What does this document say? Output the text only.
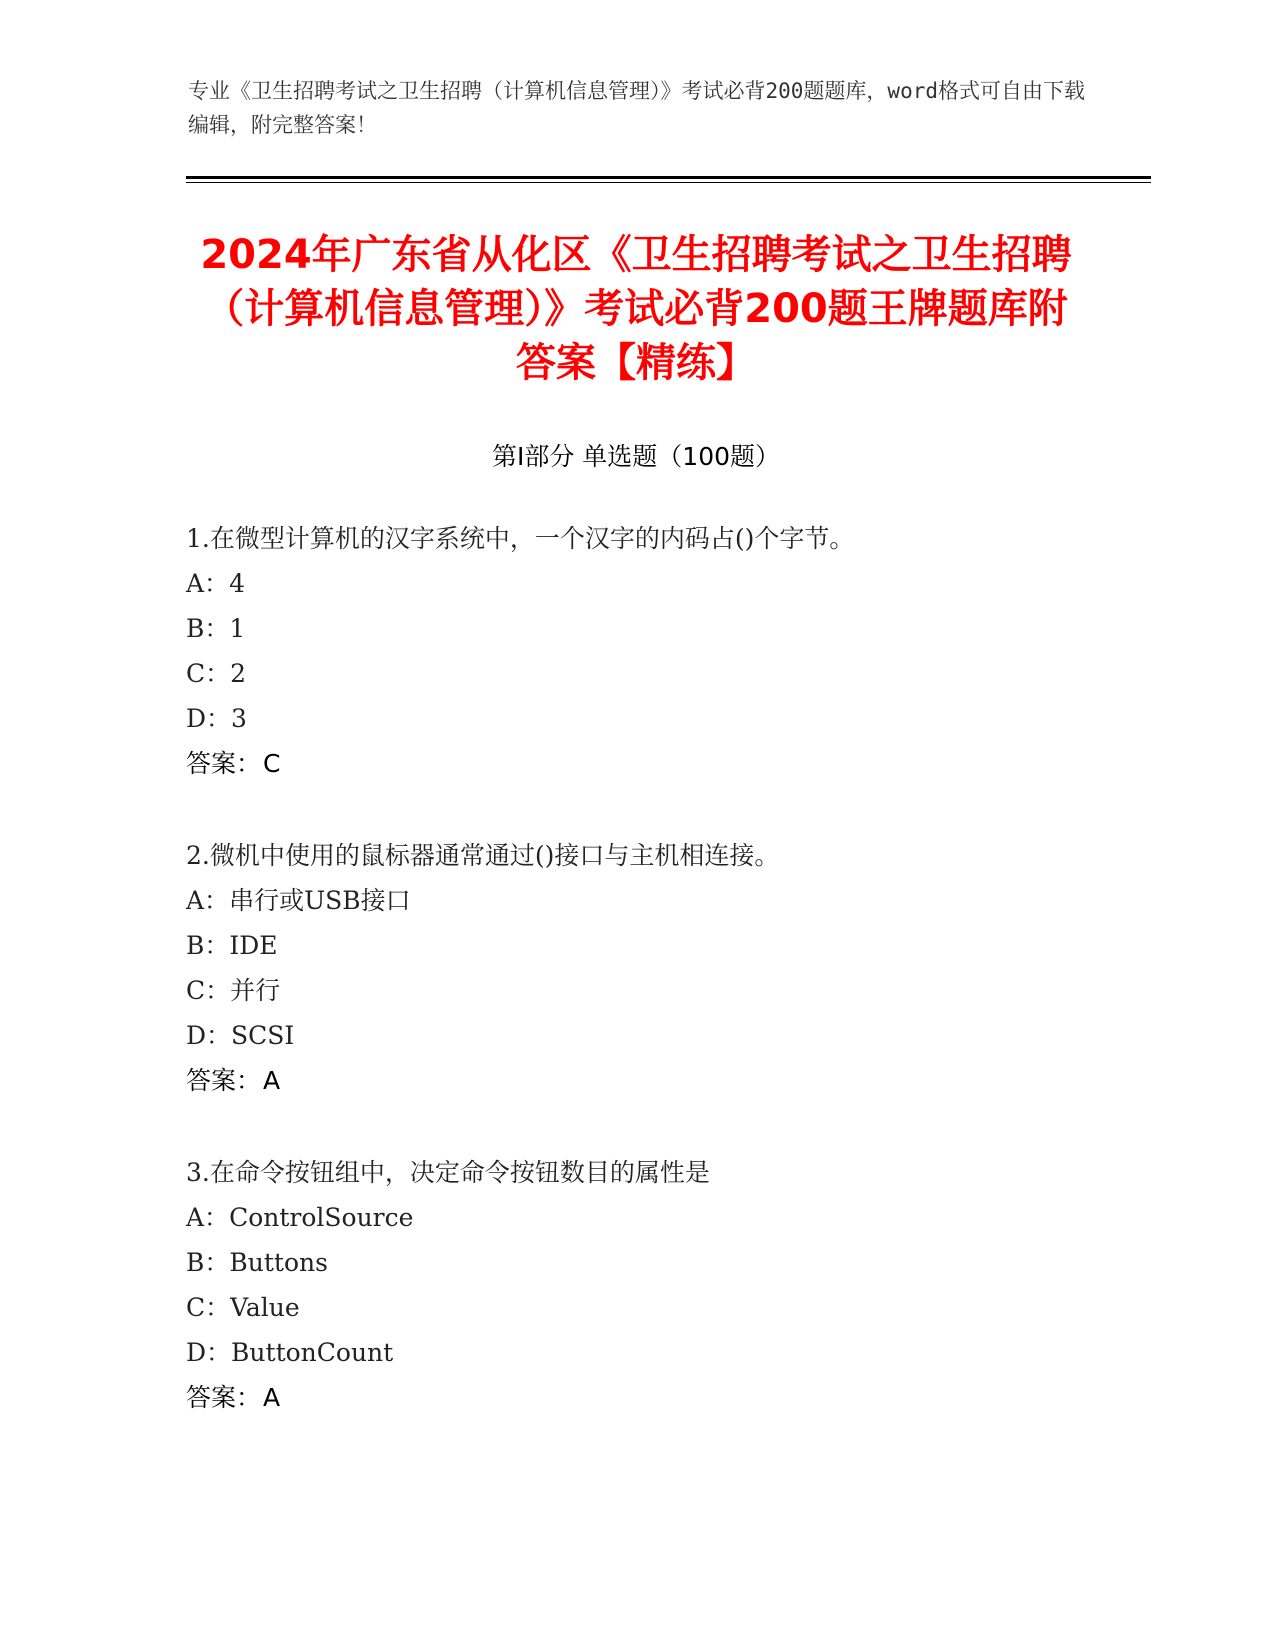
专业《卫生招聘考试之卫生招聘（计算机信息管理）》考试必背200题题库，word格式可自由下载编辑，附完整答案！
2024年广东省从化区《卫生招聘考试之卫生招聘（计算机信息管理）》考试必背200题王牌题库附答案【精练】
第I部分 单选题（100题）
1.在微型计算机的汉字系统中，一个汉字的内码占()个字节。
A：4
B：1
C：2
D：3
答案：C
2.微机中使用的鼠标器通常通过()接口与主机相连接。
A：串行或USB接口
B：IDE
C：并行
D：SCSI
答案：A
3.在命令按钮组中，决定命令按钮数目的属性是
A：ControlSource
B：Buttons
C：Value
D：ButtonCount
答案：A
